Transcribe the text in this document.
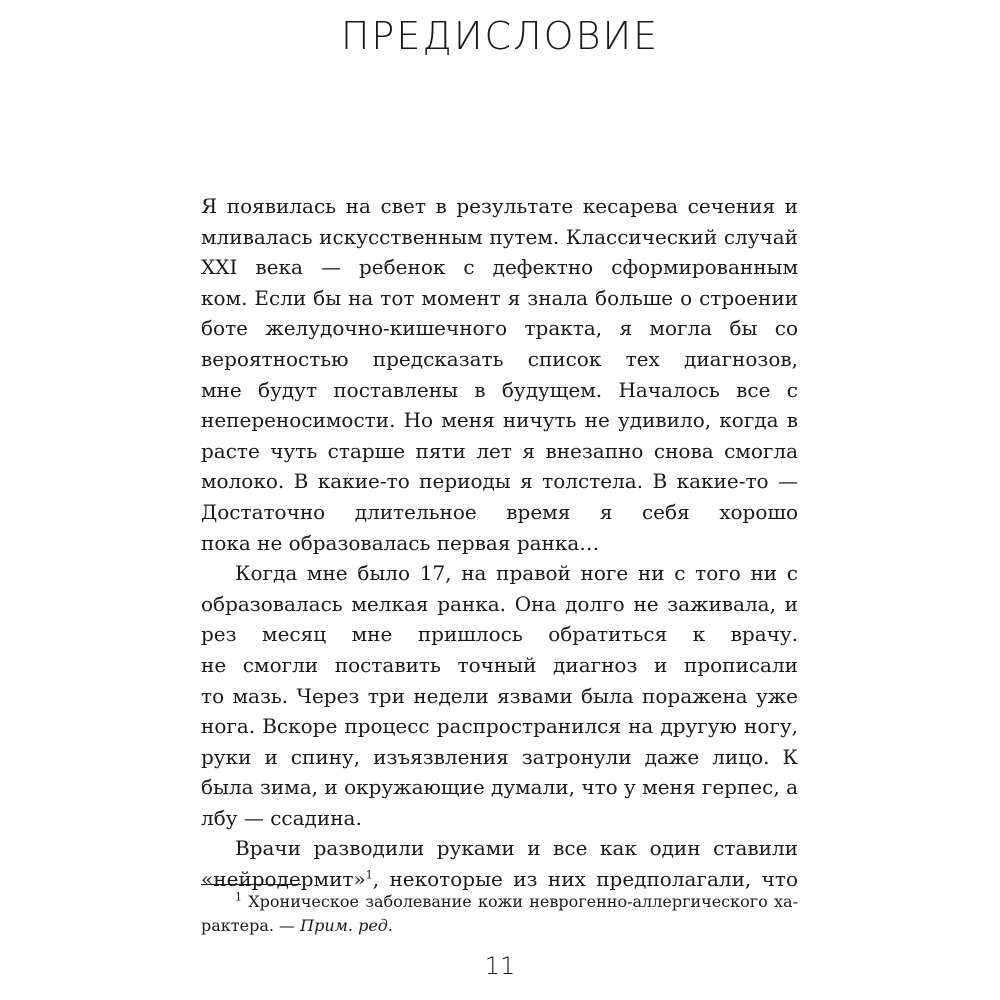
ПРЕДИСЛОВИЕ
Я появилась на свет в результате кесарева сечения и
мливалась искусственным путем. Классический случай
XXI века — ребенок с дефектно сформированным
ком. Если бы на тот момент я знала больше о строении
боте желудочно-кишечного тракта, я могла бы со
вероятностью предсказать список тех диагнозов,
мне будут поставлены в будущем. Началось все с
непереносимости. Но меня ничуть не удивило, когда в
расте чуть старше пяти лет я внезапно снова смогла
молоко. В какие-то периоды я толстела. В какие-то —
Достаточно длительное время я себя хорошо
пока не образовалась первая ранка…
Когда мне было 17, на правой ноге ни с того ни с
образовалась мелкая ранка. Она долго не заживала, и
рез месяц мне пришлось обратиться к врачу.
не смогли поставить точный диагноз и прописали
то мазь. Через три недели язвами была поражена уже
нога. Вскоре процесс распространился на другую ногу,
руки и спину, изъязвления затронули даже лицо. К
была зима, и окружающие думали, что у меня герпес, а
лбу — ссадина.
Врачи разводили руками и все как один ставили
«нейродермит»$^1$, некоторые из них предполагали, что
$^1$ Хроническое заболевание кожи неврогенно-аллергического ха-
рактера. — Прим. ред.
11
